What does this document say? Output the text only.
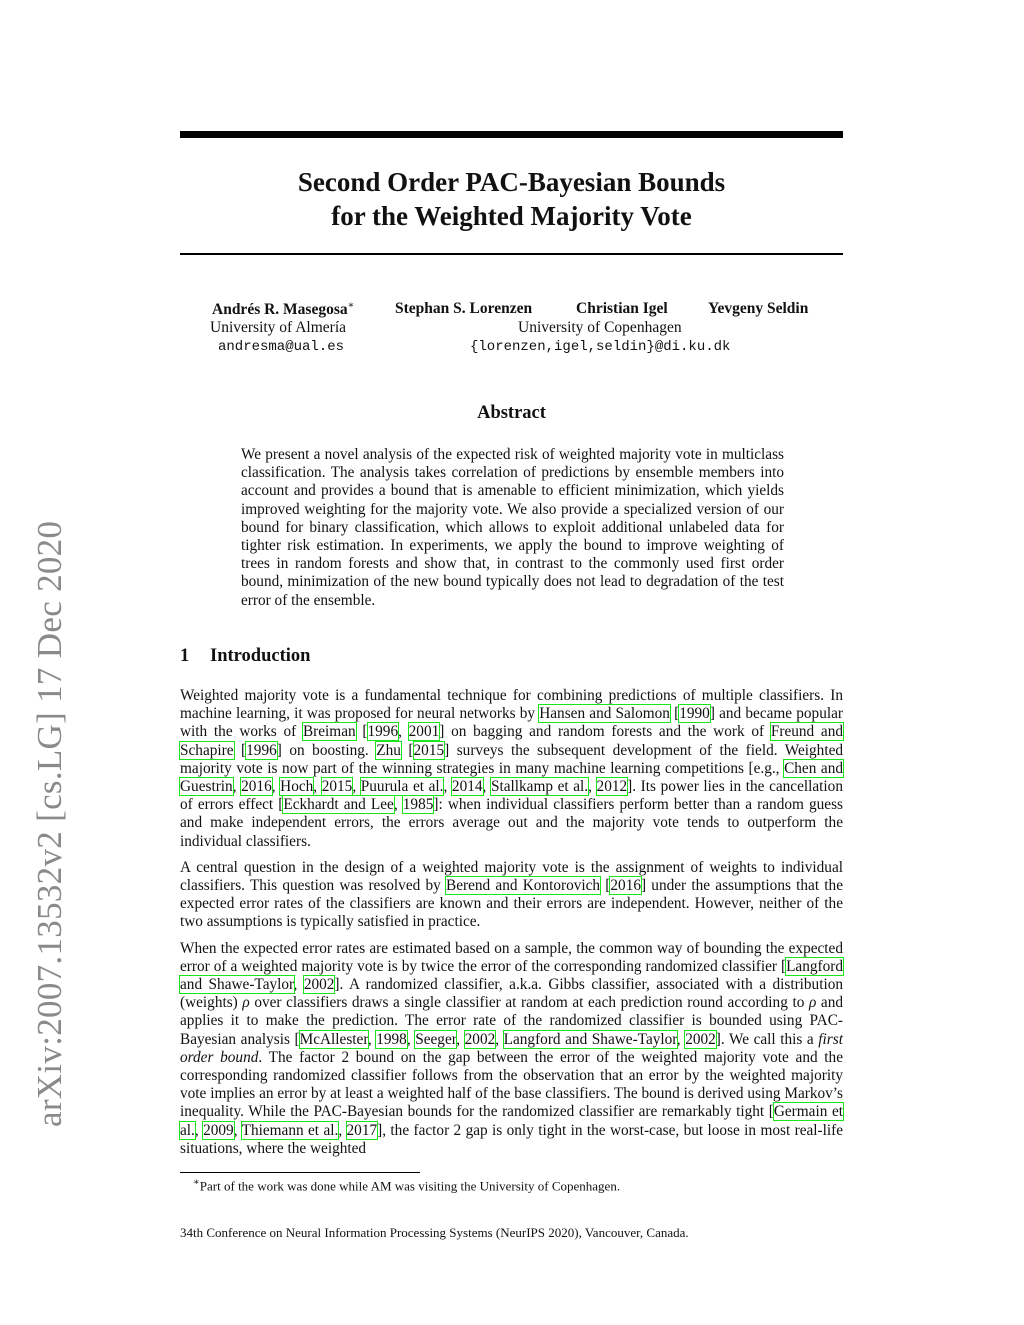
arXiv:2007.13532v2 [cs.LG] 17 Dec 2020
Second Order PAC-Bayesian Bounds
for the Weighted Majority Vote
Andrés R. Masegosa∗	Stephan S. Lorenzen	Christian Igel	Yevgeny Seldin
University of Almería	University of Copenhagen
andresma@ual.es	{lorenzen,igel,seldin}@di.ku.dk
Abstract

We present a novel analysis of the expected risk of weighted majority vote in multiclass classification. The analysis takes correlation of predictions by ensemble members into account and provides a bound that is amenable to efficient minimization, which yields improved weighting for the majority vote. We also provide a specialized version of our bound for binary classification, which allows to exploit additional unlabeled data for tighter risk estimation. In experiments, we apply the bound to improve weighting of trees in random forests and show that, in contrast to the commonly used first order bound, minimization of the new bound typically does not lead to degradation of the test error of the ensemble.

1 Introduction

Weighted majority vote is a fundamental technique for combining predictions of multiple classifiers. In machine learning, it was proposed for neural networks by Hansen and Salomon [1990] and became popular with the works of Breiman [1996, 2001] on bagging and random forests and the work of Freund and Schapire [1996] on boosting. Zhu [2015] surveys the subsequent development of the field. Weighted majority vote is now part of the winning strategies in many machine learning competitions [e.g., Chen and Guestrin, 2016, Hoch, 2015, Puurula et al., 2014, Stallkamp et al., 2012]. Its power lies in the cancellation of errors effect [Eckhardt and Lee, 1985]: when individual classifiers perform better than a random guess and make independent errors, the errors average out and the majority vote tends to outperform the individual classifiers.

A central question in the design of a weighted majority vote is the assignment of weights to individual classifiers. This question was resolved by Berend and Kontorovich [2016] under the assumptions that the expected error rates of the classifiers are known and their errors are independent. However, neither of the two assumptions is typically satisfied in practice.

When the expected error rates are estimated based on a sample, the common way of bounding the expected error of a weighted majority vote is by twice the error of the corresponding randomized classifier [Langford and Shawe-Taylor, 2002]. A randomized classifier, a.k.a. Gibbs classifier, associated with a distribution (weights) ρ over classifiers draws a single classifier at random at each prediction round according to ρ and applies it to make the prediction. The error rate of the randomized classifier is bounded using PAC-Bayesian analysis [McAllester, 1998, Seeger, 2002, Langford and Shawe-Taylor, 2002]. We call this a first order bound. The factor 2 bound on the gap between the error of the weighted majority vote and the corresponding randomized classifier follows from the observation that an error by the weighted majority vote implies an error by at least a weighted half of the base classifiers. The bound is derived using Markov’s inequality. While the PAC-Bayesian bounds for the randomized classifier are remarkably tight [Germain et al., 2009, Thiemann et al., 2017], the factor 2 gap is only tight in the worst-case, but loose in most real-life situations, where the weighted

∗Part of the work was done while AM was visiting the University of Copenhagen.
34th Conference on Neural Information Processing Systems (NeurIPS 2020), Vancouver, Canada.
